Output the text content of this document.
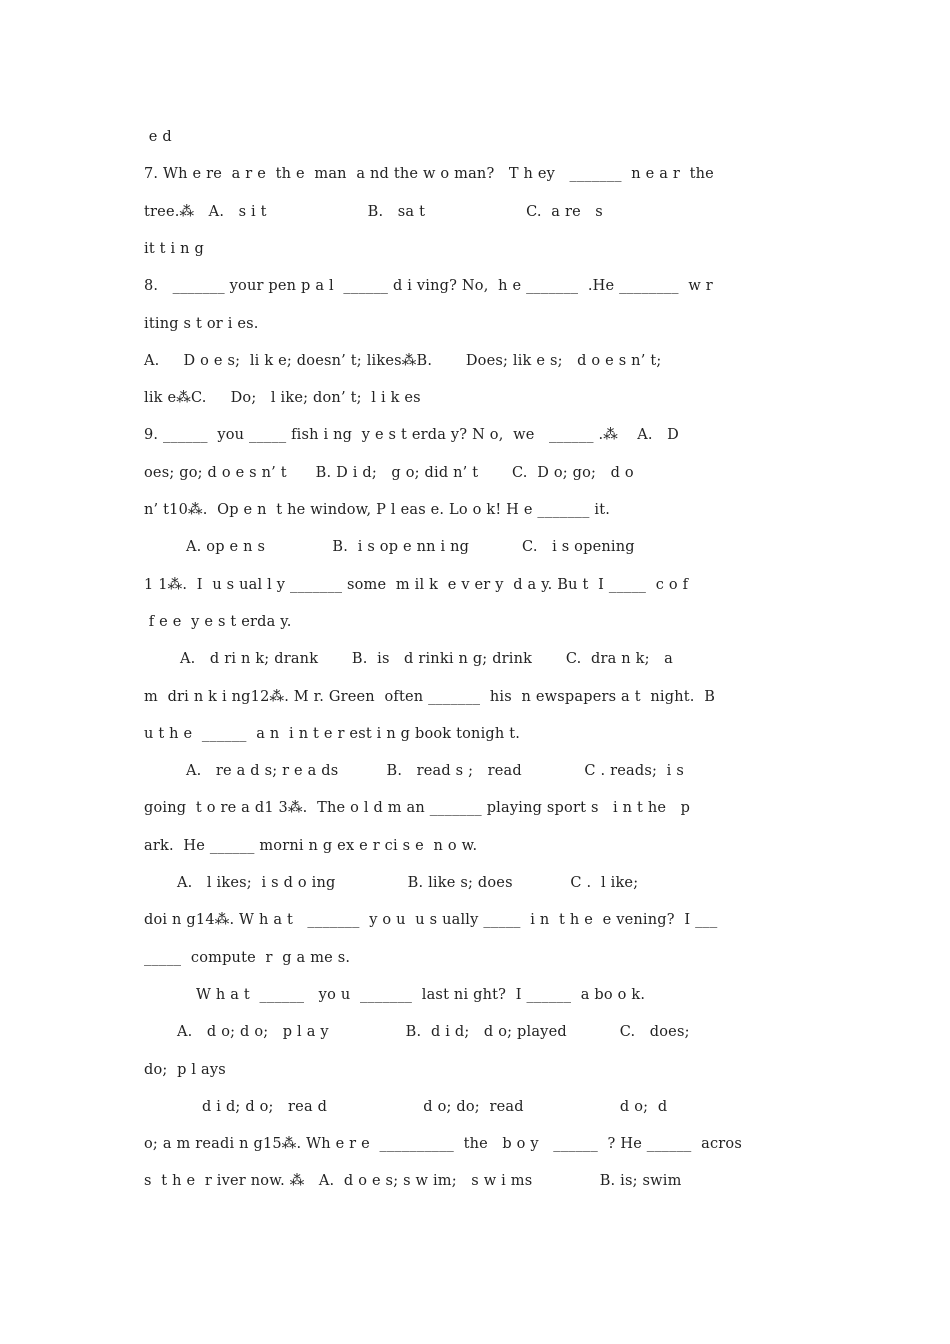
e d
7. Wh e re  a r e  th e  man  a nd the w o man?   T h ey   _______  n e a r  the
tree.⁂   A.   s i t                     B.   sa t                     C.  a re   s
it t i n g
8.   _______ your pen p a l  ______ d i ving? No,  h e _______  .He ________  w r
iting s t or i es.
A.     D o e s;  li k e; doesn’ t; likes⁂B.       Does; lik e s;   d o e s n’ t;
lik e⁂C.     Do;   l ike; don’ t;  l i k es
9. ______  you _____ fish i ng  y e s t erda y? N o,  we   ______ .⁂    A.   D
oes; go; d o e s n’ t      B. D i d;   g o; did n’ t       C.  D o; go;   d o
n’ t10⁂.  Op e n  t he window, P l eas e. Lo o k! H e _______ it.
A. op e n s              B.  i s op e nn i ng           C.   i s opening
1 1⁂.  I  u s ual l y _______ some  m il k  e v er y  d a y. Bu t  I _____  c o f
f e e  y e s t erda y.
A.   d ri n k; drank       B.  is   d rinki n g; drink       C.  dra n k;   a
m  dri n k i ng12⁂. M r. Green  often _______  his  n ewspapers a t  night.  B
u t h e  ______  a n  i n t e r est i n g book tonigh t.
A.   re a d s; r e a ds          B.   read s ;   read             C . reads;  i s
going  t o re a d1 3⁂.  The o l d m an _______ playing sport s   i n t he   p
ark.  He ______ morni n g ex e r ci s e  n o w.
A.   l ikes;  i s d o ing               B. like s; does            C .  l ike;
doi n g14⁂. W h a t   _______  y o u  u s ually _____  i n  t h e  e vening?  I ___
_____  compute  r  g a me s.
W h a t  ______   yo u  _______  last ni ght?  I ______  a bo o k.
A.   d o; d o;   p l a y                B.  d i d;   d o; played           C.   does;
do;  p l ays
d i d; d o;   rea d                    d o; do;  read                    d o;  d
o; a m readi n g15⁂. Wh e r e  __________  the   b o y   ______  ? He ______  acros
s  t h e  r iver now. ⁂   A.  d o e s; s w im;   s w i ms              B. is; swim
